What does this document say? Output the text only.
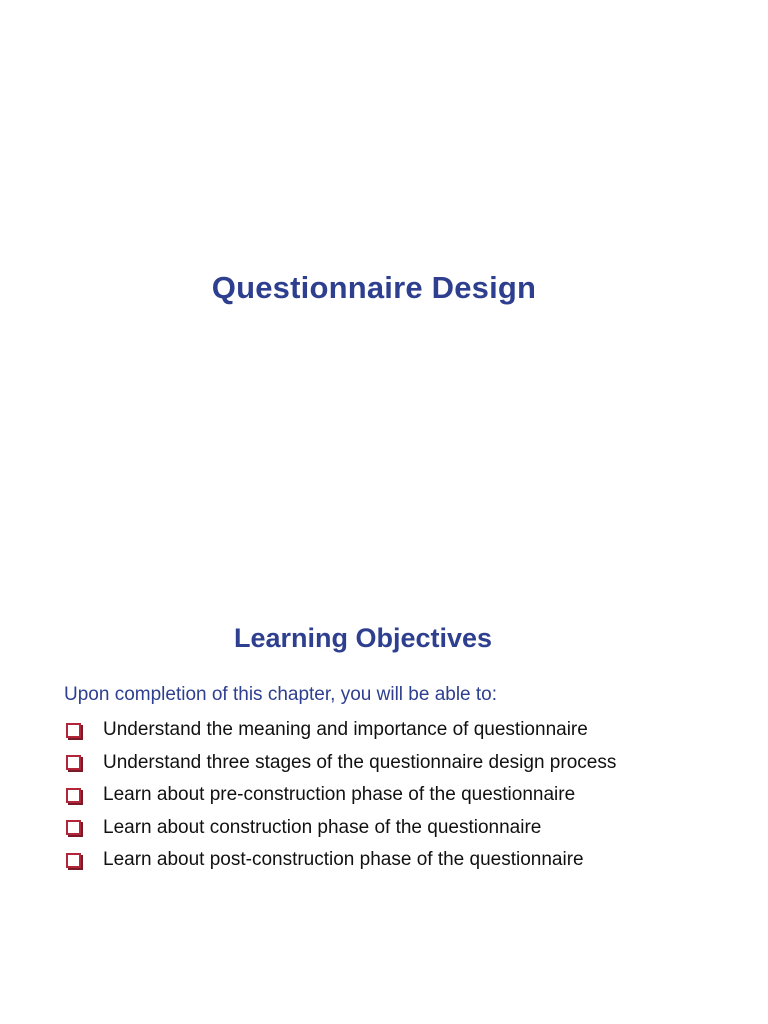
Questionnaire Design
Learning Objectives

Upon completion of this chapter, you will be able to:

Understand the meaning and importance of questionnaire
Understand three stages of the questionnaire design process
Learn about pre-construction phase of the questionnaire
Learn about construction phase of the questionnaire
Learn about post-construction phase of the questionnaire
